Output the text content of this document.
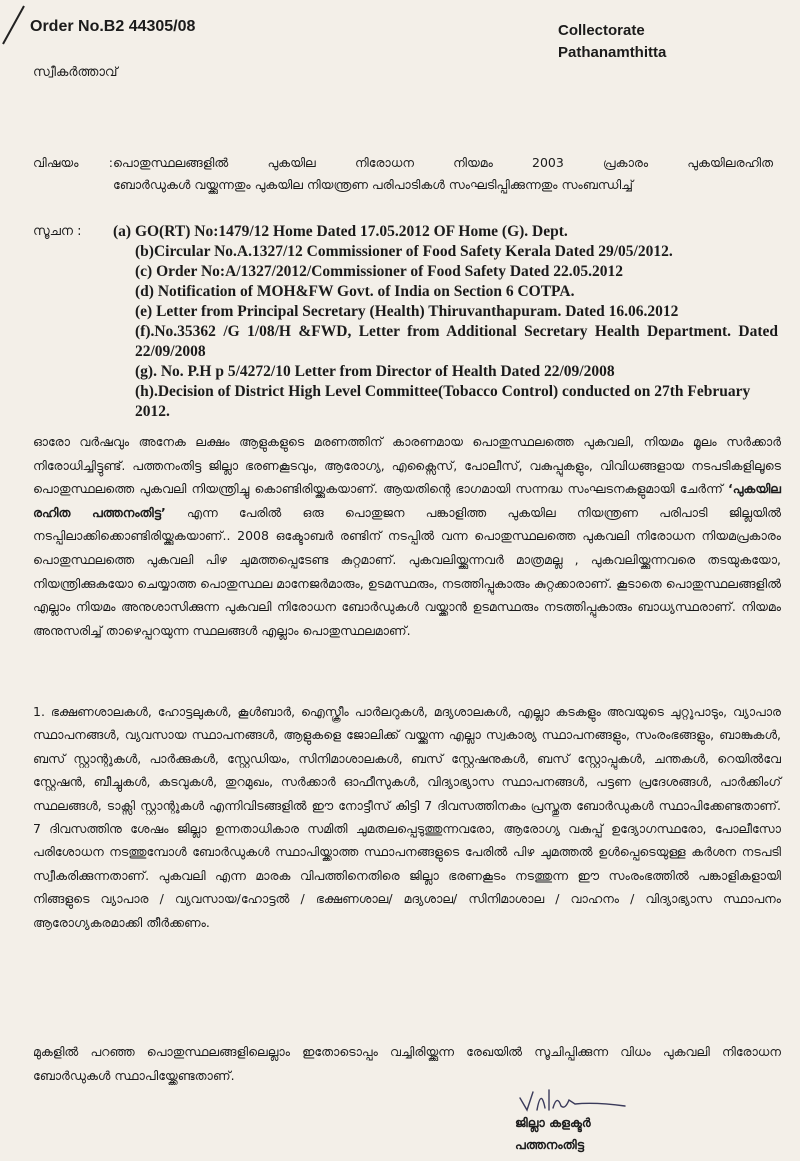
Order No.B2 44305/08	Collectorate
Pathanamthitta
സ്വീകർത്താവ്
വിഷയം :പൊതുസ്ഥലങ്ങളിൽ പുകയില നിരോധന നിയമം 2003 പ്രകാരം പുകയിലരഹിത
ബോർഡുകൾ വയ്ക്കുന്നതും പുകയില നിയന്ത്രണ പരിപാടികൾ സംഘടിപ്പിക്കുന്നതും സംബന്ധിച്ച്
സൂചന : (a) GO(RT) No:1479/12 Home Dated 17.05.2012 OF Home (G). Dept.
(b)Circular No.A.1327/12 Commissioner of Food Safety Kerala Dated 29/05/2012.
(c) Order No:A/1327/2012/Commissioner of Food Safety Dated 22.05.2012
(d) Notification of MOH&FW Govt. of India on Section 6 COTPA.
(e) Letter from Principal Secretary (Health) Thiruvanthapuram. Dated 16.06.2012
(f).No.35362 /G 1/08/H &FWD, Letter from Additional Secretary Health Department. Dated 22/09/2008
(g). No. P.H p 5/4272/10 Letter from Director of Health Dated 22/09/2008
(h).Decision of District High Level Committee(Tobacco Control) conducted on 27th February 2012.

ഓരോ വർഷവും അനേക ലക്ഷം ആളുകളുടെ മരണത്തിന് കാരണമായ പൊതുസ്ഥലത്തെ പുകവലി, നിയമം മൂലം സർക്കാർ നിരോധിച്ചിട്ടുണ്ട്. പത്തനംതിട്ട ജില്ലാ ഭരണകൂടവും, ആരോഗ്യ, എക്സൈസ്, പോലീസ്, വകുപ്പുകളും, വിവിധങ്ങളായ നടപടികളിലൂടെ പൊതുസ്ഥലത്തെ പുകവലി നിയന്ത്രിച്ചു കൊണ്ടിരിയ്ക്കുകയാണ്. ആയതിന്റെ ഭാഗമായി സന്നദ്ധ സംഘടനകളുമായി ചേർന്ന് ‘പുകയില രഹിത പത്തനംതിട്ട’ എന്ന പേരിൽ ഒരു പൊതുജന പങ്കാളിത്ത പുകയില നിയന്ത്രണ പരിപാടി ജില്ലയിൽ നടപ്പിലാക്കിക്കൊണ്ടിരിയ്ക്കുകയാണ്.. 2008 ഒക്ടോബർ രണ്ടിന് നടപ്പിൽ വന്ന പൊതുസ്ഥലത്തെ പുകവലി നിരോധന നിയമപ്രകാരം പൊതുസ്ഥലത്തെ പുകവലി പിഴ ചുമത്തപ്പെടേണ്ട കുറ്റമാണ്. പുകവലിയ്ക്കുന്നവർ മാത്രമല്ല , പുകവലിയ്ക്കുന്നവരെ തടയുകയോ, നിയന്ത്രിക്കുകയോ ചെയ്യാത്ത പൊതുസ്ഥല മാനേജർമാരും, ഉടമസ്ഥരും, നടത്തിപ്പുകാരും കുറ്റക്കാരാണ്. കൂടാതെ പൊതുസ്ഥലങ്ങളിൽ എല്ലാം നിയമം അനുശാസിക്കുന്ന പുകവലി നിരോധന ബോർഡുകൾ വയ്ക്കാൻ ഉടമസ്ഥരും നടത്തിപ്പുകാരും ബാധ്യസ്ഥരാണ്. നിയമം അനുസരിച്ച് താഴെപ്പറയുന്ന സ്ഥലങ്ങൾ എല്ലാം പൊതുസ്ഥലമാണ്.

1. ഭക്ഷണശാലകൾ, ഹോട്ടലുകൾ, കൂൾബാർ, ഐസ്ക്രീം പാർലറുകൾ, മദ്യശാലകൾ, എല്ലാ കടകളും അവയുടെ ചുറ്റുപാടും, വ്യാപാര സ്ഥാപനങ്ങൾ, വ്യവസായ സ്ഥാപനങ്ങൾ, ആളുകളെ ജോലിക്ക് വയ്ക്കുന്ന എല്ലാ സ്വകാര്യ സ്ഥാപനങ്ങളും, സംരംഭങ്ങളും, ബാങ്കുകൾ, ബസ് സ്റ്റാന്റുകൾ, പാർക്കുകൾ, സ്റ്റേഡിയം, സിനിമാശാലകൾ, ബസ് സ്റ്റേഷനുകൾ, ബസ് സ്റ്റോപ്പുകൾ, ചന്തകൾ, റെയിൽവേ സ്റ്റേഷൻ, ബീച്ചുകൾ, കടവുകൾ, തുറമുഖം, സർക്കാർ ഓഫീസുകൾ, വിദ്യാഭ്യാസ സ്ഥാപനങ്ങൾ, പട്ടണ പ്രദേശങ്ങൾ, പാർക്കിംഗ് സ്ഥലങ്ങൾ, ടാക്സി സ്റ്റാന്റുകൾ എന്നിവിടങ്ങളിൽ ഈ നോട്ടീസ് കിട്ടി 7 ദിവസത്തിനകം പ്രസ്തുത ബോർഡുകൾ സ്ഥാപിക്കേണ്ടതാണ്. 7 ദിവസത്തിനു ശേഷം ജില്ലാ ഉന്നതാധികാര സമിതി ചുമതലപ്പെടുത്തുന്നവരോ, ആരോഗ്യ വകുപ്പ് ഉദ്യോഗസ്ഥരോ, പോലീസോ പരിശോധന നടത്തുമ്പോൾ ബോർഡുകൾ സ്ഥാപിയ്ക്കാത്ത സ്ഥാപനങ്ങളുടെ പേരിൽ പിഴ ചുമത്തൽ ഉൾപ്പെടെയുള്ള കർശന നടപടി സ്വീകരിക്കുന്നതാണ്. പുകവലി എന്ന മാരക വിപത്തിനെതിരെ ജില്ലാ ഭരണകൂടം നടത്തുന്ന ഈ സംരംഭത്തിൽ പങ്കാളികളായി നിങ്ങളുടെ വ്യാപാര / വ്യവസായ/ഹോട്ടൽ / ഭക്ഷണശാല/ മദ്യശാല/ സിനിമാശാല / വാഹനം / വിദ്യാഭ്യാസ സ്ഥാപനം ആരോഗ്യകരമാക്കി തീർക്കണം.

മുകളിൽ പറഞ്ഞ പൊതുസ്ഥലങ്ങളിലെല്ലാം ഇതോടൊപ്പം വച്ചിരിയ്ക്കുന്ന രേഖയിൽ സൂചിപ്പിക്കുന്ന വിധം പുകവലി നിരോധന ബോർഡുകൾ സ്ഥാപിയ്ക്കേണ്ടതാണ്.

ജില്ലാ കളക്ടർ
പത്തനംതിട്ട
